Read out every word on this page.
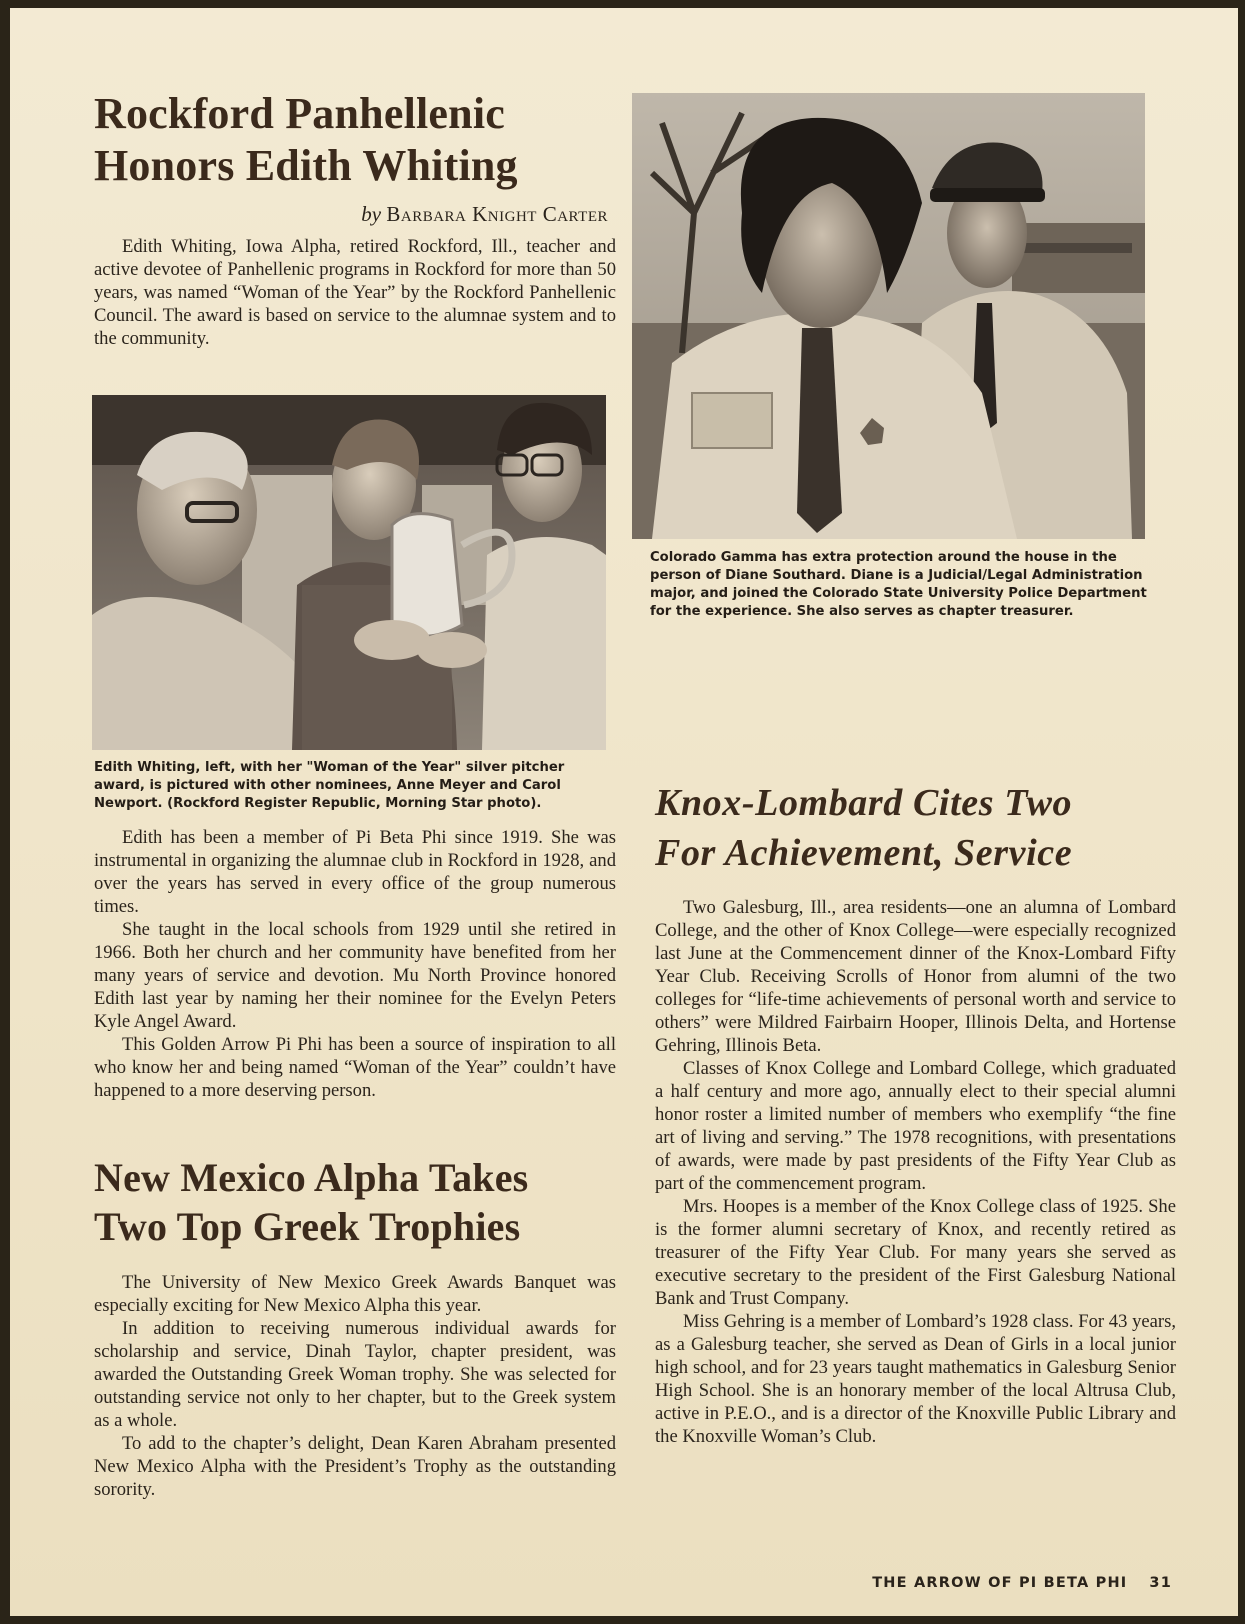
Rockford Panhellenic
Honors Edith Whiting
by Barbara Knight Carter

Edith Whiting, Iowa Alpha, retired Rockford, Ill., teacher and active devotee of Panhellenic programs in Rockford for more than 50 years, was named “Woman of the Year” by the Rockford Panhellenic Council. The award is based on service to the alumnae system and to the community.

Edith Whiting, left, with her "Woman of the Year" silver pitcher award, is pictured with other nominees, Anne Meyer and Carol Newport. (Rockford Register Republic, Morning Star photo).

Edith has been a member of Pi Beta Phi since 1919. She was instrumental in organizing the alumnae club in Rockford in 1928, and over the years has served in every office of the group numerous times.

She taught in the local schools from 1929 until she retired in 1966. Both her church and her community have benefited from her many years of service and devotion. Mu North Province honored Edith last year by naming her their nominee for the Evelyn Peters Kyle Angel Award.

This Golden Arrow Pi Phi has been a source of inspiration to all who know her and being named “Woman of the Year” couldn’t have happened to a more deserving person.

New Mexico Alpha Takes
Two Top Greek Trophies

The University of New Mexico Greek Awards Banquet was especially exciting for New Mexico Alpha this year.

In addition to receiving numerous individual awards for scholarship and service, Dinah Taylor, chapter president, was awarded the Outstanding Greek Woman trophy. She was selected for outstanding service not only to her chapter, but to the Greek system as a whole.

To add to the chapter’s delight, Dean Karen Abraham presented New Mexico Alpha with the President’s Trophy as the outstanding sorority.

Colorado Gamma has extra protection around the house in the person of Diane Southard. Diane is a Judicial/Legal Administration major, and joined the Colorado State University Police Department for the experience. She also serves as chapter treasurer.
Knox-Lombard Cites Two
For Achievement, Service

Two Galesburg, Ill., area residents—one an alumna of Lombard College, and the other of Knox College—were especially recognized last June at the Commencement dinner of the Knox-Lombard Fifty Year Club. Receiving Scrolls of Honor from alumni of the two colleges for “life-time achievements of personal worth and service to others” were Mildred Fairbairn Hooper, Illinois Delta, and Hortense Gehring, Illinois Beta.

Classes of Knox College and Lombard College, which graduated a half century and more ago, annually elect to their special alumni honor roster a limited number of members who exemplify “the fine art of living and serving.” The 1978 recognitions, with presentations of awards, were made by past presidents of the Fifty Year Club as part of the commencement program.

Mrs. Hoopes is a member of the Knox College class of 1925. She is the former alumni secretary of Knox, and recently retired as treasurer of the Fifty Year Club. For many years she served as executive secretary to the president of the First Galesburg National Bank and Trust Company.

Miss Gehring is a member of Lombard’s 1928 class. For 43 years, as a Galesburg teacher, she served as Dean of Girls in a local junior high school, and for 23 years taught mathematics in Galesburg Senior High School. She is an honorary member of the local Altrusa Club, active in P.E.O., and is a director of the Knoxville Public Library and the Knoxville Woman’s Club.

THE ARROW OF PI BETA PHI 31
